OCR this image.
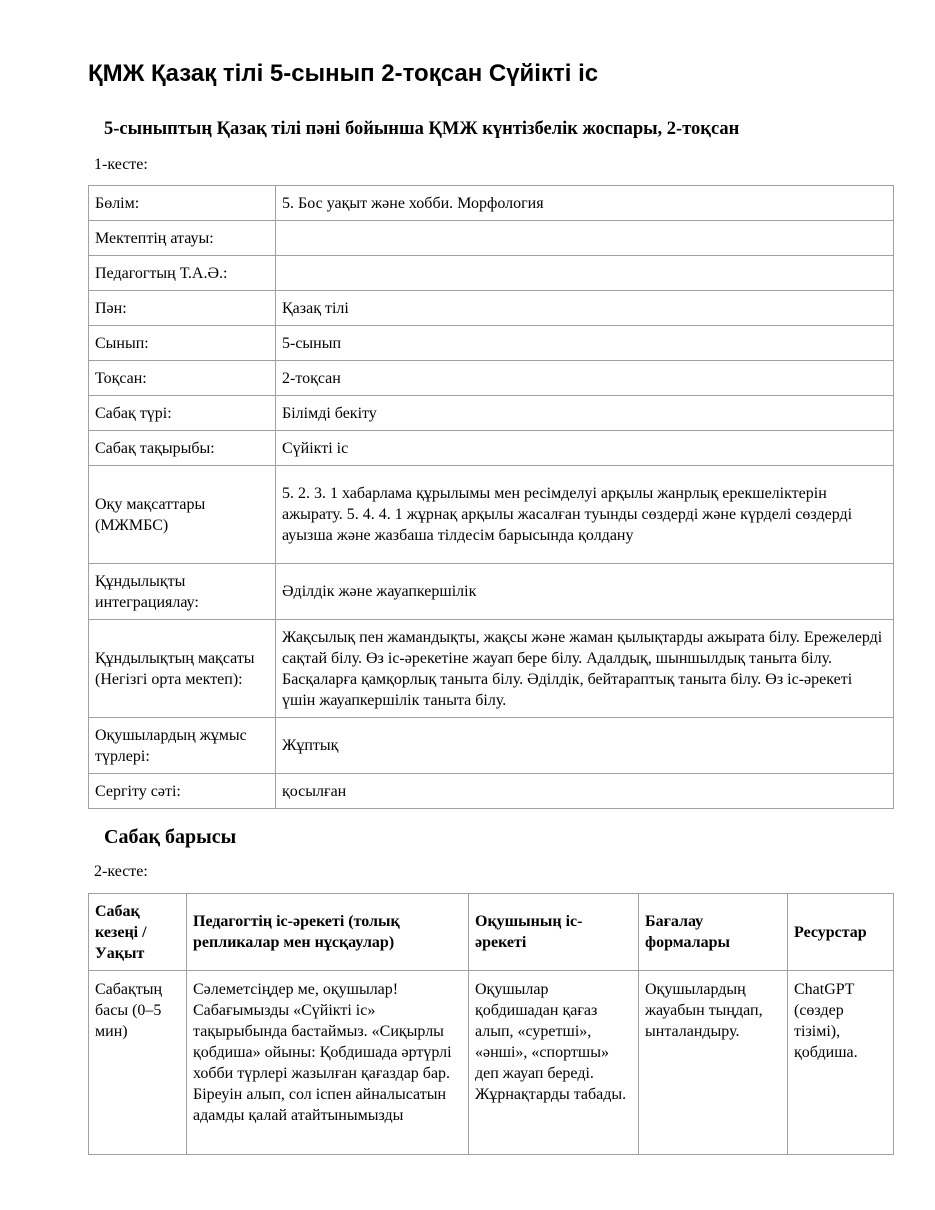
ҚМЖ Қазақ тілі 5-сынып 2-тоқсан Сүйікті іс
5-сыныптың Қазақ тілі пәні бойынша ҚМЖ күнтізбелік жоспары, 2-тоқсан

1-кесте:

Бөлім:	5. Бос уақыт және хобби. Морфология
Мектептің атауы:	
Педагогтың Т.А.Ә.:	
Пән:	Қазақ тілі
Сынып:	5-сынып
Тоқсан:	2-тоқсан
Сабақ түрі:	Білімді бекіту
Сабақ тақырыбы:	Сүйікті іс
Оқу мақсаттары (МЖМБС)	5. 2. 3. 1 хабарлама құрылымы мен ресімделуі арқылы жанрлық ерекшеліктерін ажырату. 5. 4. 4. 1 жұрнақ арқылы жасалған туынды сөздерді және күрделі сөздерді ауызша және жазбаша тілдесім барысында қолдану
Құндылықты интеграциялау:	Әділдік және жауапкершілік
Құндылықтың мақсаты (Негізгі орта мектеп):	Жақсылық пен жамандықты, жақсы және жаман қылықтарды ажырата білу. Ережелерді сақтай білу. Өз іс-әрекетіне жауап бере білу. Адалдық, шыншылдық таныта білу. Басқаларға қамқорлық таныта білу. Әділдік, бейтараптық таныта білу. Өз іс-әрекеті үшін жауапкершілік таныта білу.
Оқушылардың жұмыс түрлері:	Жұптық
Сергіту сәті:	қосылған
Сабақ барысы

2-кесте:

Сабақ кезеңі / Уақыт	Педагогтің іс-әрекеті (толық репликалар мен нұсқаулар)	Оқушының іс-әрекеті	Бағалау формалары	Ресурстар
Сабақтың басы (0–5 мин)	Сәлеметсіңдер ме, оқушылар! Сабағымызды «Сүйікті іс» тақырыбында бастаймыз. «Сиқырлы қобдиша» ойыны: Қобдишада әртүрлі хобби түрлері жазылған қағаздар бар. Біреуін алып, сол іспен айналысатын адамды қалай атайтынымызды	Оқушылар қобдишадан қағаз алып, «суретші», «әнші», «спортшы» деп жауап береді. Жұрнақтарды табады.	Оқушылардың жауабын тыңдап, ынталандыру.	ChatGPT (сөздер тізімі), қобдиша.
